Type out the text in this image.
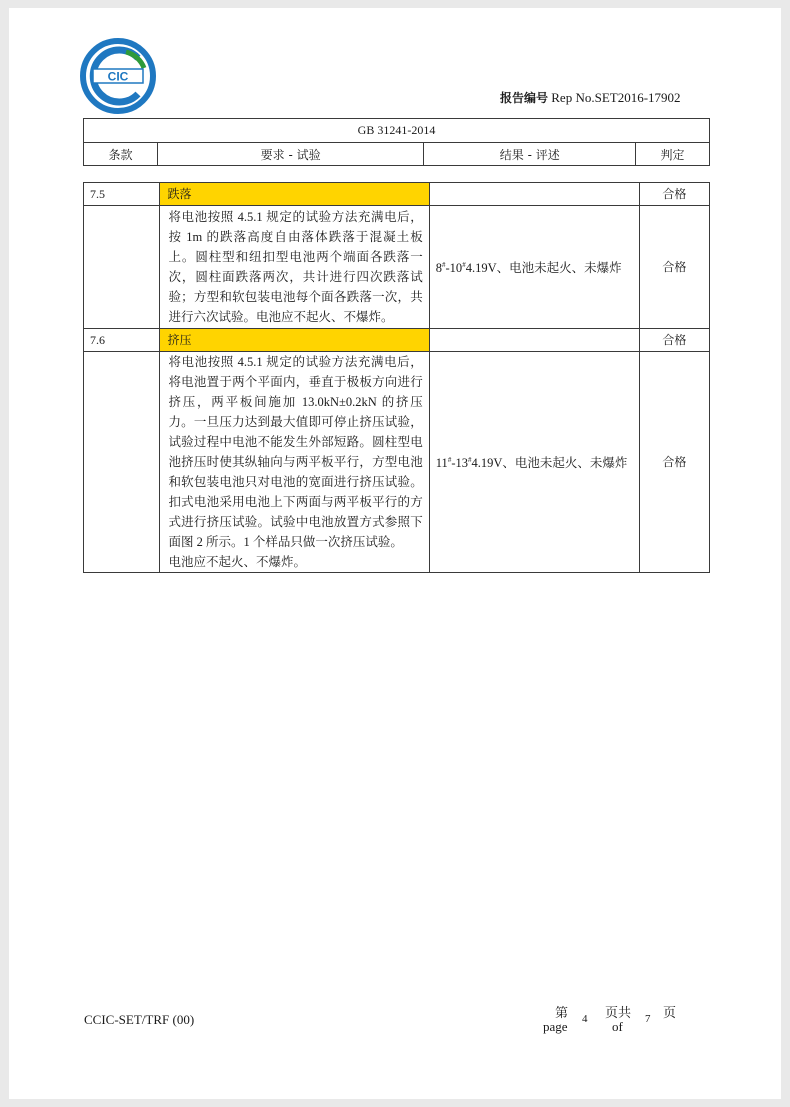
CIC
报告编号 Rep No.SET2016-17902
GB 31241-2014
条款	要求 - 试验	结果 - 评述	判定
7.5	跌落		合格
	将电池按照 4.5.1 规定的试验方法充满电后，按 1m 的跌落高度自由落体跌落于混凝土板上。圆柱型和纽扣型电池两个端面各跌落一次，圆柱面跌落两次，共计进行四次跌落试验；方型和软包装电池每个面各跌落一次，共进行六次试验。电池应不起火、不爆炸。	8#-10#4.19V、电池未起火、未爆炸	合格
7.6	挤压		合格
	将电池按照 4.5.1 规定的试验方法充满电后，将电池置于两个平面内，垂直于极板方向进行挤压，两平板间施加 13.0kN±0.2kN 的挤压力。一旦压力达到最大值即可停止挤压试验，试验过程中电池不能发生外部短路。圆柱型电池挤压时使其纵轴向与两平板平行，方型电池和软包装电池只对电池的宽面进行挤压试验。扣式电池采用电池上下两面与两平板平行的方式进行挤压试验。试验中电池放置方式参照下面图 2 所示。1 个样品只做一次挤压试验。
电池应不起火、不爆炸。	11#-13#4.19V、电池未起火、未爆炸	合格
CCIC-SET/TRF (00)	第
page 4 页共
of 7 页
